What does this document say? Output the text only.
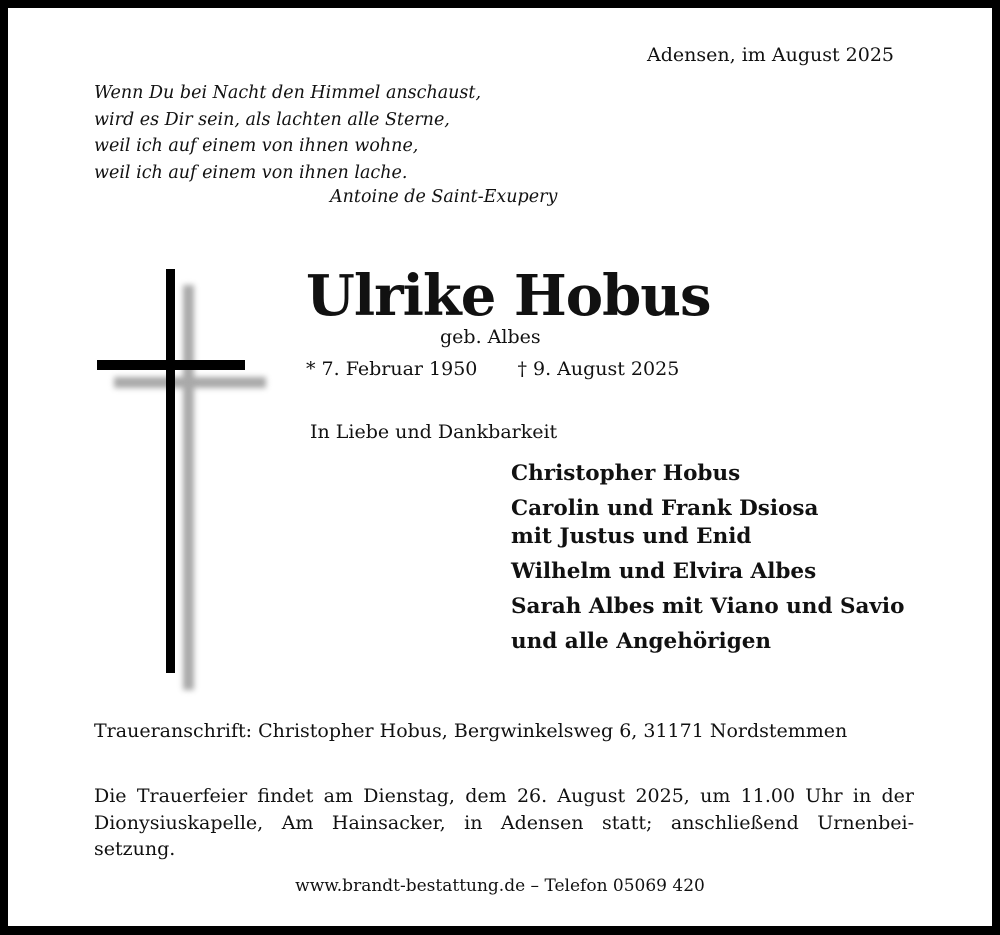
Adensen, im August 2025
Wenn Du bei Nacht den Himmel anschaust,
wird es Dir sein, als lachten alle Sterne,
weil ich auf einem von ihnen wohne,
weil ich auf einem von ihnen lache.
Antoine de Saint-Exupery
Ulrike Hobus
geb. Albes
* 7. Februar 1950 † 9. August 2025
In Liebe und Dankbarkeit
Christopher Hobus
Carolin und Frank Dsiosa
mit Justus und Enid
Wilhelm und Elvira Albes
Sarah Albes mit Viano und Savio
und alle Angehörigen
Traueranschrift: Christopher Hobus, Bergwinkelsweg 6, 31171 Nordstemmen
Die Trauerfeier findet am Dienstag, dem 26. August 2025, um 11.00 Uhr in der
Dionysiuskapelle, Am Hainsacker, in Adensen statt; anschließend Urnenbei-
setzung.
www.brandt-bestattung.de – Telefon 05069 420
